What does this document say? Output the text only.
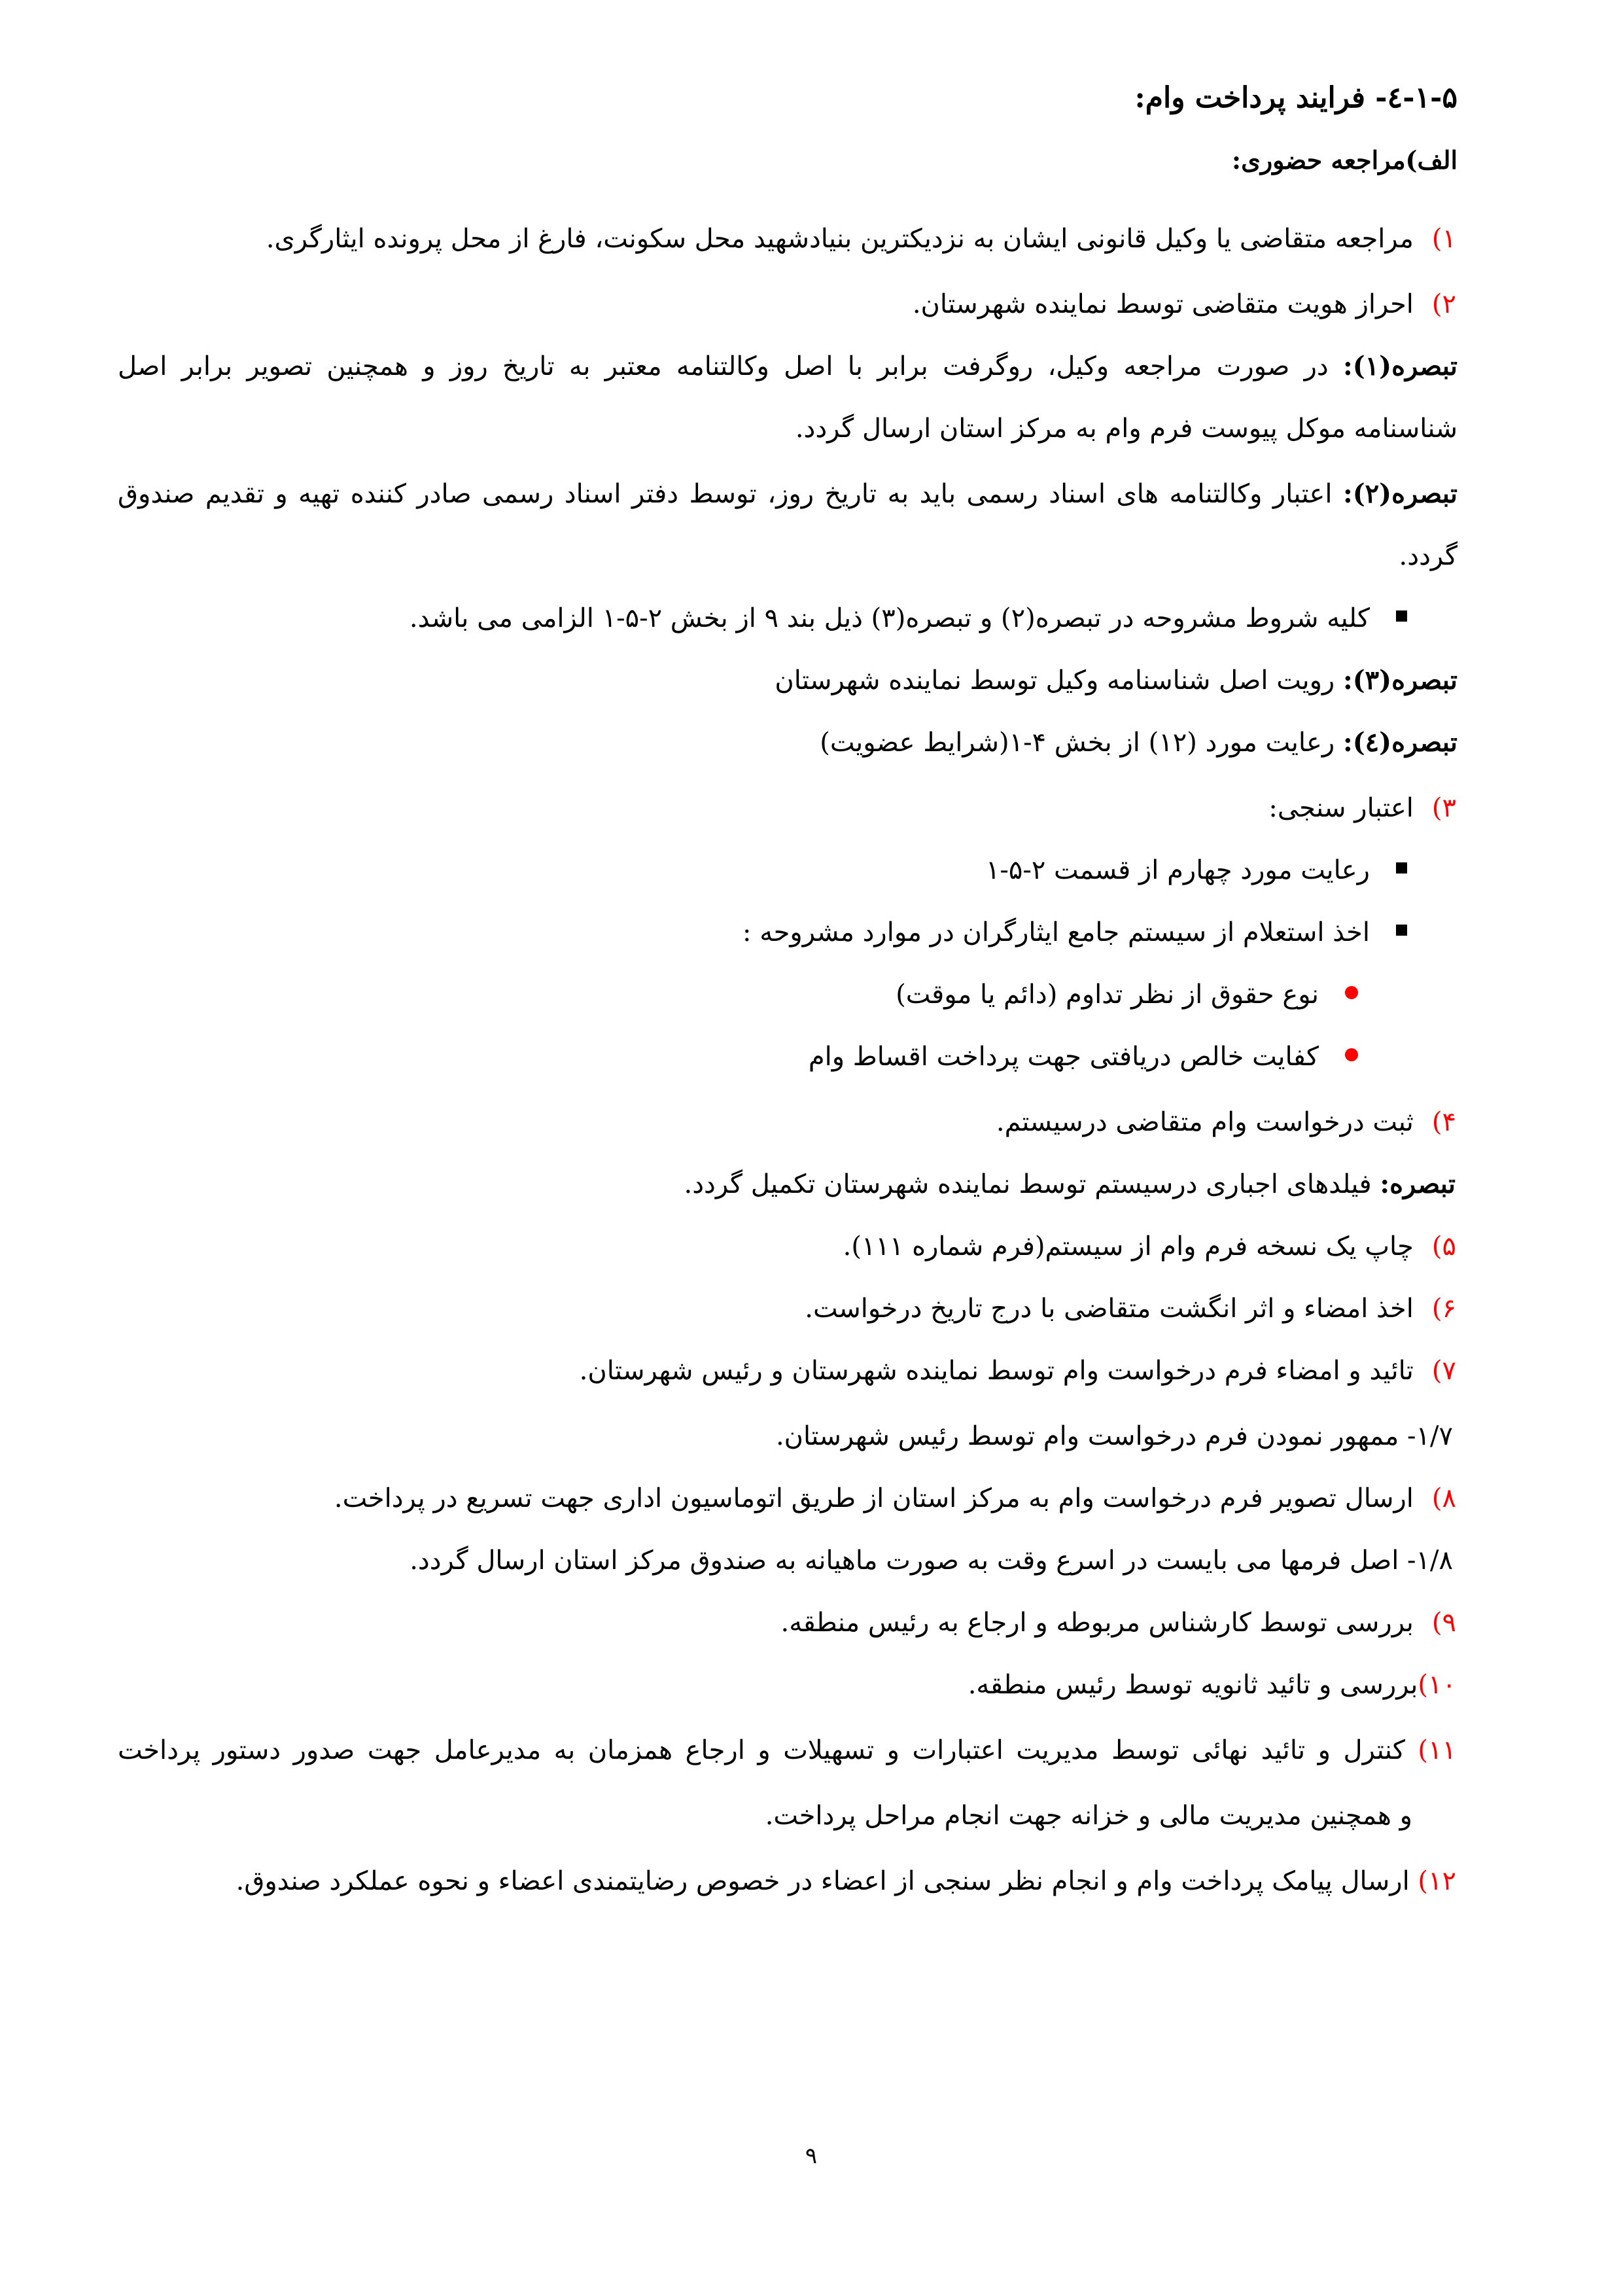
۱-۵-٤- فرایند پرداخت وام:
الف)مراجعه حضوری:
۱)مراجعه متقاضی یا وکیل قانونی ایشان به نزدیکترین بنیادشهید محل سکونت، فارغ از محل پرونده ایثارگری.
۲)احراز هویت متقاضی توسط نماینده شهرستان.
تبصره(۱): در صورت مراجعه وکیل، روگرفت برابر با اصل وکالتنامه معتبر به تاریخ روز و همچنین تصویر برابر اصل
شناسنامه موکل پیوست فرم وام به مرکز استان ارسال گردد.
تبصره(۲): اعتبار وکالتنامه های اسناد رسمی باید به تاریخ روز، توسط دفتر اسناد رسمی صادر کننده تهیه و تقدیم صندوق
گردد.
کلیه شروط مشروحه در تبصره(۲) و تبصره(۳) ذیل بند ۹ از بخش ۲-۵-۱ الزامی می باشد.
تبصره(۳): رویت اصل شناسنامه وکیل توسط نماینده شهرستان
تبصره(٤): رعایت مورد (۱۲) از بخش ۴-۱(شرایط عضویت)
۳)اعتبار سنجی:
رعایت مورد چهارم از قسمت ۲-۵-۱
اخذ استعلام از سیستم جامع ایثارگران در موارد مشروحه :
نوع حقوق از نظر تداوم (دائم یا موقت)
کفایت خالص دریافتی جهت پرداخت اقساط وام
۴)ثبت درخواست وام متقاضی درسیستم.
تبصره: فیلدهای اجباری درسیستم توسط نماینده شهرستان تکمیل گردد.
۵)چاپ یک نسخه فرم وام از سیستم(فرم شماره ۱۱۱).
۶)اخذ امضاء و اثر انگشت متقاضی با درج تاریخ درخواست.
۷)تائید و امضاء فرم درخواست وام توسط نماینده شهرستان و رئیس شهرستان.
۱/۷- ممهور نمودن فرم درخواست وام توسط رئیس شهرستان.
۸)ارسال تصویر فرم درخواست وام به مرکز استان از طریق اتوماسیون اداری جهت تسریع در پرداخت.
۱/۸- اصل فرمها می بایست در اسرع وقت به صورت ماهیانه به صندوق مرکز استان ارسال گردد.
۹)بررسی توسط کارشناس مربوطه و ارجاع به رئیس منطقه.
۱۰)بررسی و تائید ثانویه توسط رئیس منطقه.
۱۱) کنترل و تائید نهائی توسط مدیریت اعتبارات و تسهیلات و ارجاع همزمان به مدیرعامل جهت صدور دستور پرداخت
و همچنین مدیریت مالی و خزانه جهت انجام مراحل پرداخت.
۱۲) ارسال پیامک پرداخت وام و انجام نظر سنجی از اعضاء در خصوص رضایتمندی اعضاء و نحوه عملکرد صندوق.
۹
